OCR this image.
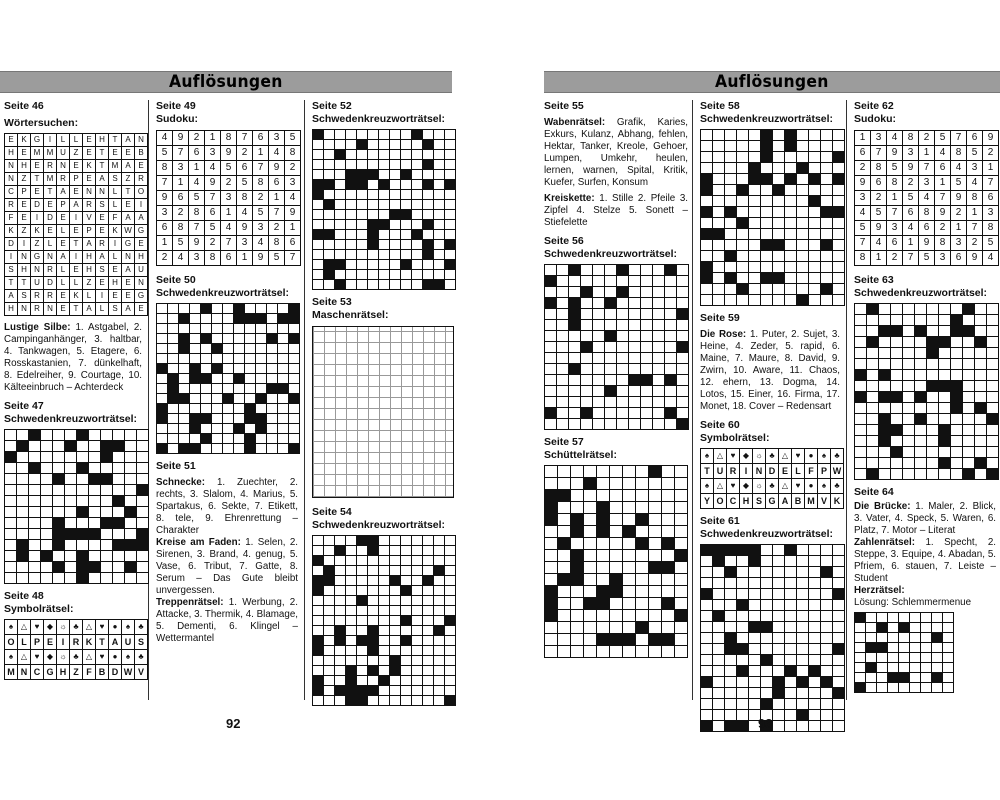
Auflösungen
Seite 46
Wörtersuchen:
E K G	I	L	L	E H T A N
H E M M U Z E T E E B
N H E R N E K T M A E
N Z	T M R P E A S Z R
C P E T A E N N L	T O
R E D E P A R S	L	E	I
F E	I	D E	I	V E F A A
K Z K E	L	E P E K W G
D	I	Z	L	E T A R	I	G E
I	N G N A	I	H A	L N H
S H N R L	E H S E A U
T	T U D L	L	Z E H E N
A S R R E K	L	I	E E G
H N R N E T A	L	S A E
Lustige Silbe: 1. Astgabel, 2. Campinganhänger, 3. haltbar, 4. Tankwagen, 5. Etagere, 6. Rosskastanien, 7. dünkelhaft, 8. Edelreiher, 9. Courtage, 10. Kälteeinbruch – Achterdeck
Seite 47
Schwedenkreuzworträtsel:
Seite 48
Symbolrätsel:
♠ △ ♥ ◆ ☼ ♣ △ ♥	●	♠	♣
O L P E I R K T A U S
♠ △ ♥ ◆ ☼ ♣ △ ♥	●	♠	♣
M N C G H Z F B D W V
Seite 49
Sudoku:
4	9	2	1	8	7	6	3	5
5	7	6	3	9	2	1	4	8
8	3	1	4	5	6	7	9	2
7	1	4	9	2	5	8	6	3
9	6	5	7	3	8	2	1	4
3	2	8	6	1	4	5	7	9
6	8	7	5	4	9	3	2	1
1	5	9	2	7	3	4	8	6
2	4	3	8	6	1	9	5	7
Seite 50
Schwedenkreuzworträtsel:
Seite 51
Schnecke: 1. Zuechter, 2. rechts, 3. Slalom, 4. Marius, 5. Spartakus, 6. Sekte, 7. Etikett, 8. tele, 9. Ehrenrettung – Charakter
Kreise am Faden: 1. Selen, 2. Sirenen, 3. Brand, 4. genug, 5. Vase, 6. Tribut, 7. Gatte, 8. Serum – Das Gute bleibt unvergessen.
Treppenrätsel: 1. Werbung, 2. Attacke, 3. Thermik, 4. Blamage, 5. Dementi, 6. Klingel – Wettermantel
Seite 52
Schwedenkreuzworträtsel:
Seite 53
Maschenrätsel:
Seite 54
Schwedenkreuzworträtsel:
92
Auflösungen
Seite 55
Wabenrätsel: Grafik, Karies, Exkurs, Kulanz, Abhang, fehlen, Hektar, Tanker, Kreole, Gehoer, Lumpen, Umkehr, heulen, lernen, warnen, Spital, Kritik, Kuefer, Surfen, Konsum
Kreiskette: 1. Stille 2. Pfeile 3. Zipfel 4. Stelze 5. Sonett – Stiefelette
Seite 56
Schwedenkreuzworträtsel:
Seite 57
Schüttelrätsel:
Seite 58
Schwedenkreuzworträtsel:
Seite 59
Die Rose: 1. Puter, 2. Sujet, 3. Heine, 4. Zeder, 5. rapid, 6. Maine, 7. Maure, 8. David, 9. Zwirn, 10. Aware, 11. Chaos, 12. ehern, 13. Dogma, 14. Lotos, 15. Einer, 16. Firma, 17. Monet, 18. Cover – Redensart
Seite 60
Symbolrätsel:
♠ △ ♥ ◆ ☼ ♣ △ ♥	●	♠	♣
T U R I N D E L F P W
♠ △ ♥ ◆ ☼ ♣ △ ♥	●	♠	♣
Y O C H S G A B M V K
Seite 61
Schwedenkreuzworträtsel:
Seite 62
Sudoku:
1	3	4	8	2	5	7	6	9
6	7	9	3	1	4	8	5	2
2	8	5	9	7	6	4	3	1
9	6	8	2	3	1	5	4	7
3	2	1	5	4	7	9	8	6
4	5	7	6	8	9	2	1	3
5	9	3	4	6	2	1	7	8
7	4	6	1	9	8	3	2	5
8	1	2	7	5	3	6	9	4
Seite 63
Schwedenkreuzworträtsel:
Seite 64
Die Brücke: 1. Maler, 2. Blick, 3. Vater, 4. Speck, 5. Waren, 6. Platz, 7. Motor – Literat
Zahlenrätsel: 1. Specht, 2. Steppe, 3. Equipe, 4. Abadan, 5. Pfriem, 6. stauen, 7. Leiste – Student
Herzrätsel:
Lösung: Schlemmermenue
93
